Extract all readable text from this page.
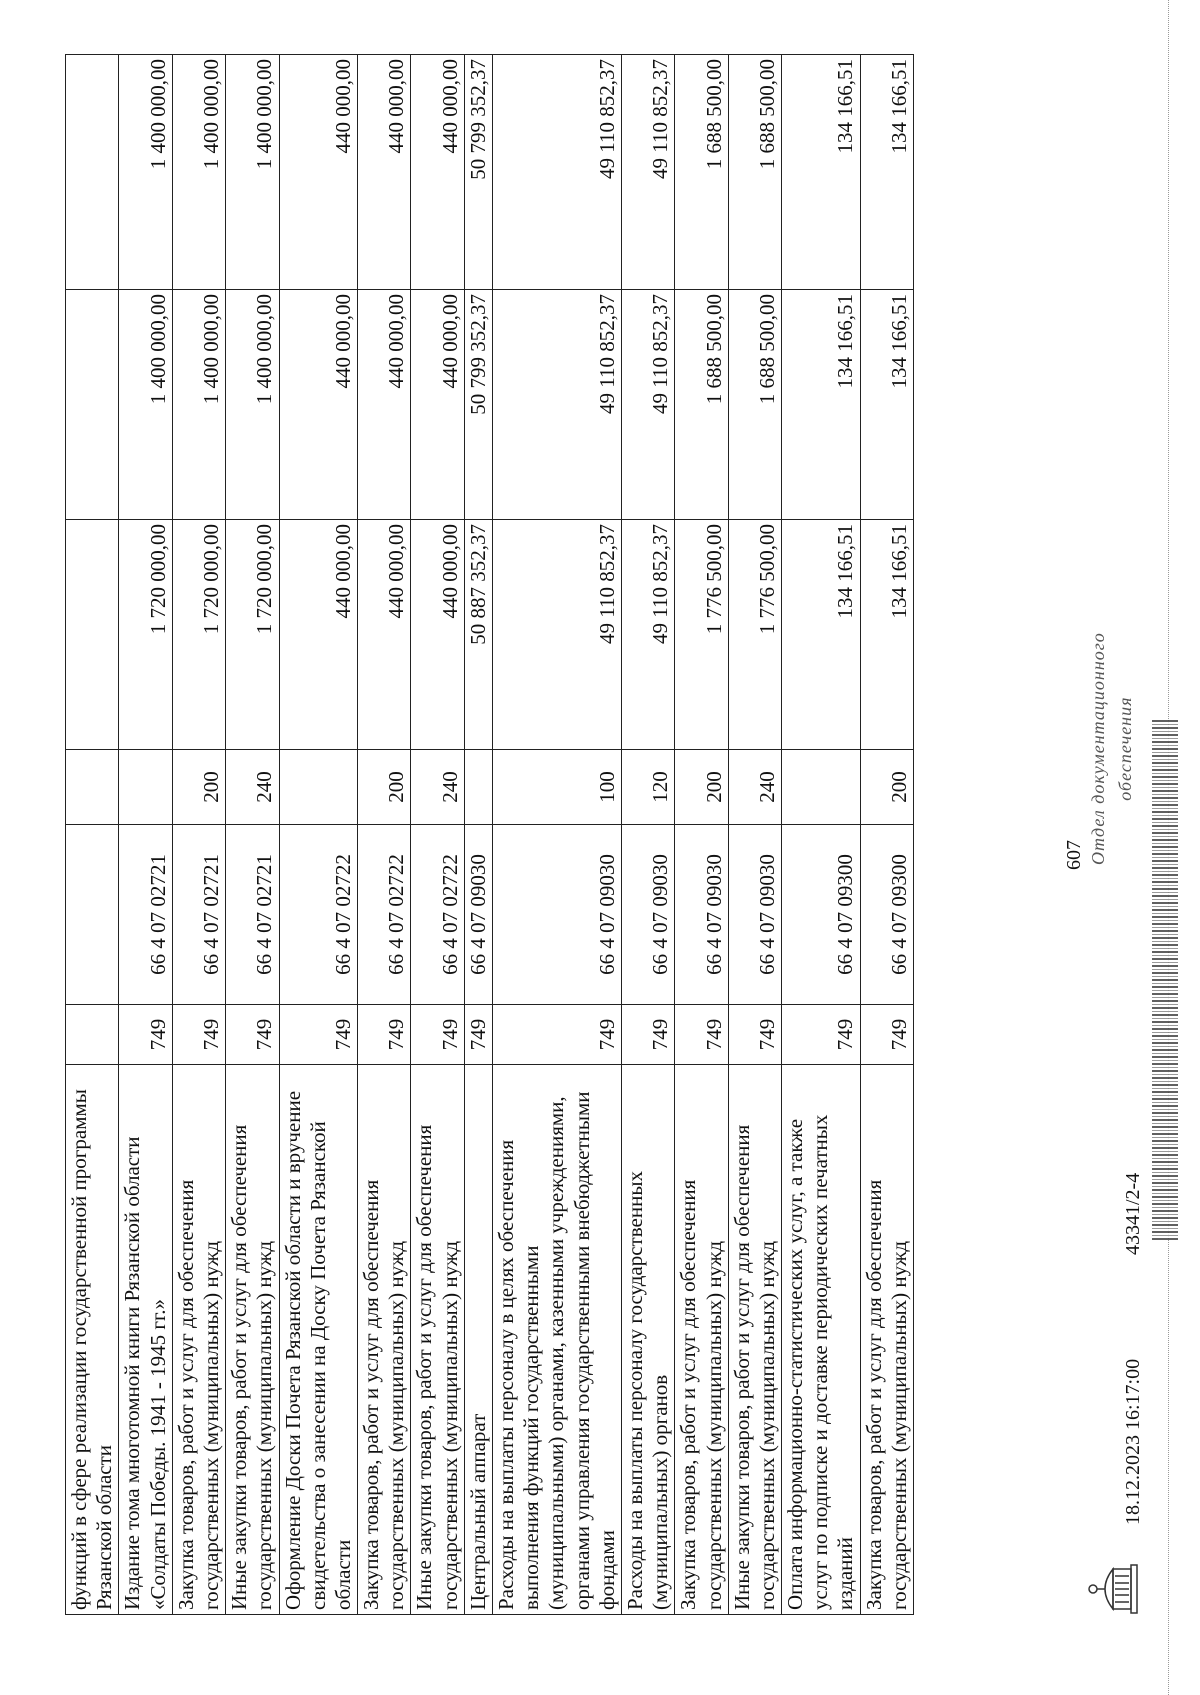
607
функций в сфере реализации государственной программы Рязанской области						
Издание тома многотомной книги Рязанской области «Солдаты Победы. 1941 - 1945 гг.»	749	66 4 07 02721		1 720 000,00	1 400 000,00	1 400 000,00
Закупка товаров, работ и услуг для обеспечения государственных (муниципальных) нужд	749	66 4 07 02721	200	1 720 000,00	1 400 000,00	1 400 000,00
Иные закупки товаров, работ и услуг для обеспечения государственных (муниципальных) нужд	749	66 4 07 02721	240	1 720 000,00	1 400 000,00	1 400 000,00
Оформление Доски Почета Рязанской области и вручение свидетельства о занесении на Доску Почета Рязанской области	749	66 4 07 02722		440 000,00	440 000,00	440 000,00
Закупка товаров, работ и услуг для обеспечения государственных (муниципальных) нужд	749	66 4 07 02722	200	440 000,00	440 000,00	440 000,00
Иные закупки товаров, работ и услуг для обеспечения государственных (муниципальных) нужд	749	66 4 07 02722	240	440 000,00	440 000,00	440 000,00
Центральный аппарат	749	66 4 07 09030		50 887 352,37	50 799 352,37	50 799 352,37
Расходы на выплаты персоналу в целях обеспечения выполнения функций государственными (муниципальными) органами, казенными учреждениями, органами управления государственными внебюджетными фондами	749	66 4 07 09030	100	49 110 852,37	49 110 852,37	49 110 852,37
Расходы на выплаты персоналу государственных (муниципальных) органов	749	66 4 07 09030	120	49 110 852,37	49 110 852,37	49 110 852,37
Закупка товаров, работ и услуг для обеспечения государственных (муниципальных) нужд	749	66 4 07 09030	200	1 776 500,00	1 688 500,00	1 688 500,00
Иные закупки товаров, работ и услуг для обеспечения государственных (муниципальных) нужд	749	66 4 07 09030	240	1 776 500,00	1 688 500,00	1 688 500,00
Оплата информационно-статистических услуг, а также услуг по подписке и доставке периодических печатных изданий	749	66 4 07 09300		134 166,51	134 166,51	134 166,51
Закупка товаров, работ и услуг для обеспечения государственных (муниципальных) нужд	749	66 4 07 09300	200	134 166,51	134 166,51	134 166,51
18.12.2023 16:17:00
43341/2-4
Отдел документационного обеспечения
